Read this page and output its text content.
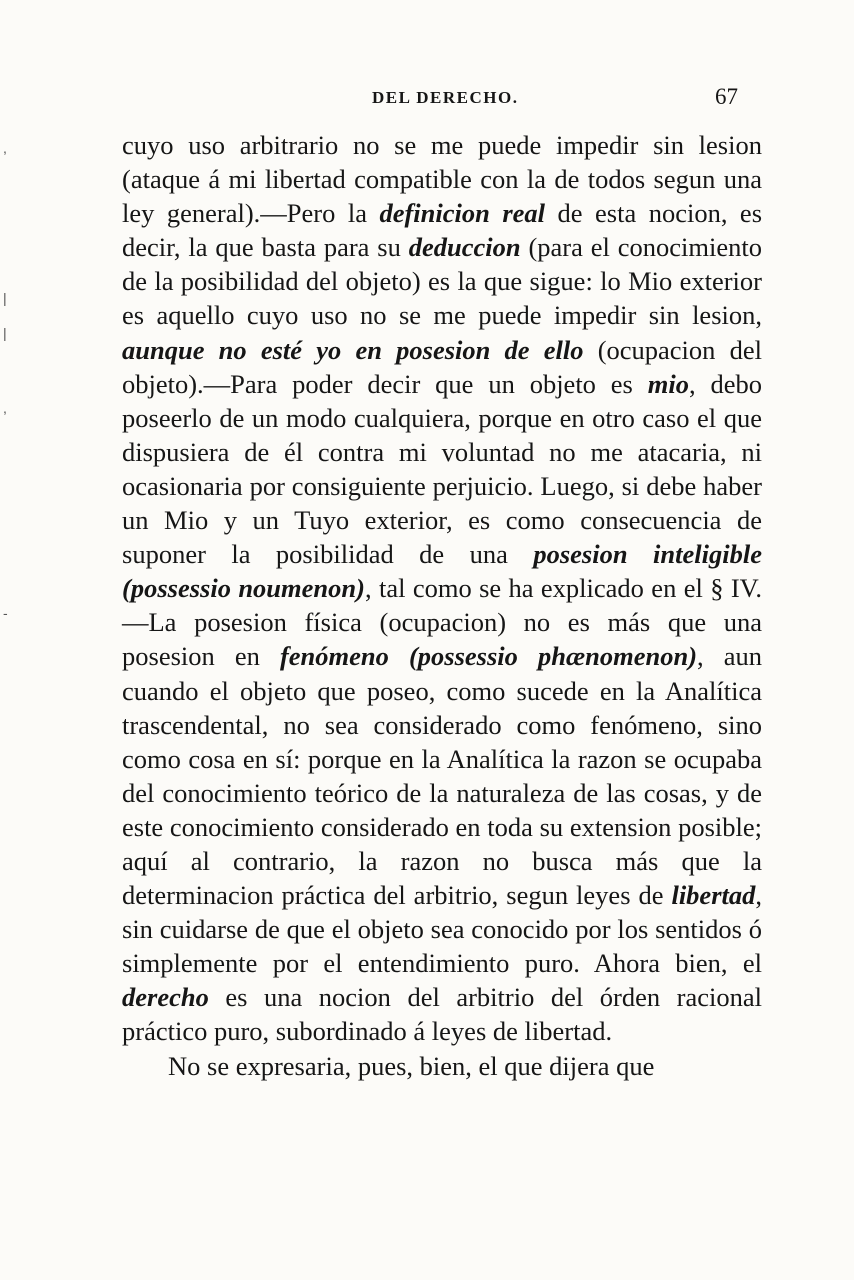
DEL DERECHO.	67

cuyo uso arbitrario no se me puede impedir sin lesion (ataque á mi libertad compatible con la de todos segun una ley general).—Pero la definicion real de esta nocion, es decir, la que basta para su deduccion (para el conocimiento de la posibilidad del objeto) es la que sigue: lo Mio exterior es aquello cuyo uso no se me puede impedir sin lesion, aunque no esté yo en posesion de ello (ocupacion del objeto).—Para poder decir que un objeto es mio, debo poseerlo de un modo cualquiera, porque en otro caso el que dispusiera de él contra mi voluntad no me atacaria, ni ocasionaria por consiguiente perjuicio. Luego, si debe haber un Mio y un Tuyo exterior, es como consecuencia de suponer la posibilidad de una posesion inteligible (possessio noumenon), tal como se ha explicado en el § IV.—La posesion física (ocupacion) no es más que una posesion en fenómeno (possessio phænomenon), aun cuando el objeto que poseo, como sucede en la Analítica trascendental, no sea considerado como fenómeno, sino como cosa en sí: porque en la Analítica la razon se ocupaba del conocimiento teórico de la naturaleza de las cosas, y de este conocimiento considerado en toda su extension posible; aquí al contrario, la razon no busca más que la determinacion práctica del arbitrio, segun leyes de libertad, sin cuidarse de que el objeto sea conocido por los sentidos ó simplemente por el entendimiento puro. Ahora bien, el derecho es una nocion del arbitrio del órden racional práctico puro, subordinado á leyes de libertad.

No se expresaria, pues, bien, el que dijera que

,
|
|
,
-
